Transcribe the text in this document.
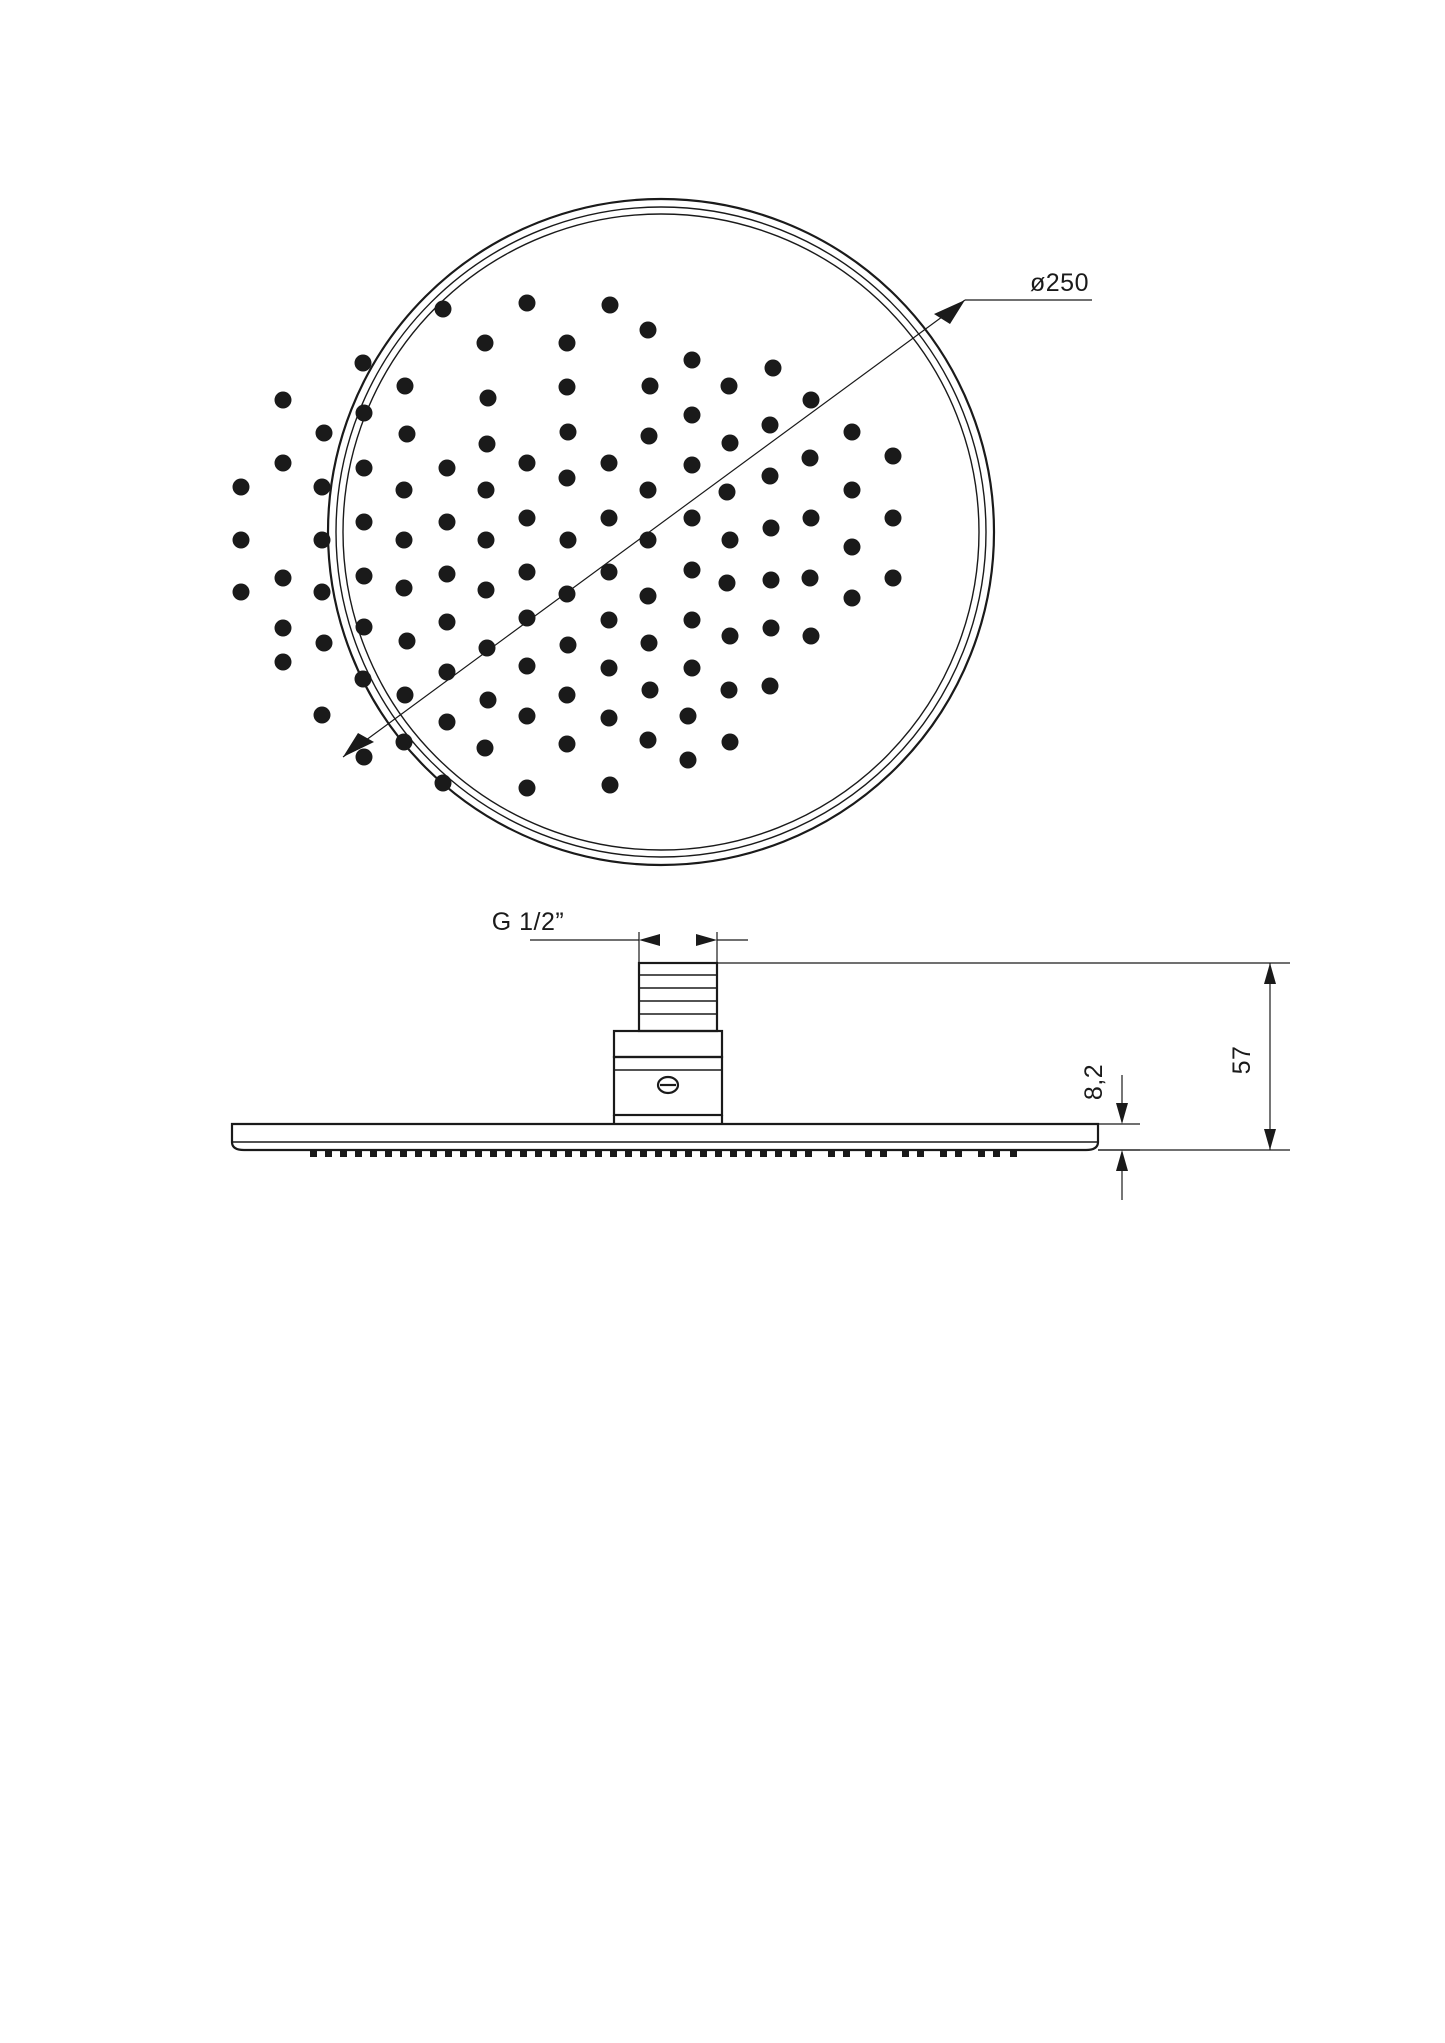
ø250
G 1/2”
8,2
57
